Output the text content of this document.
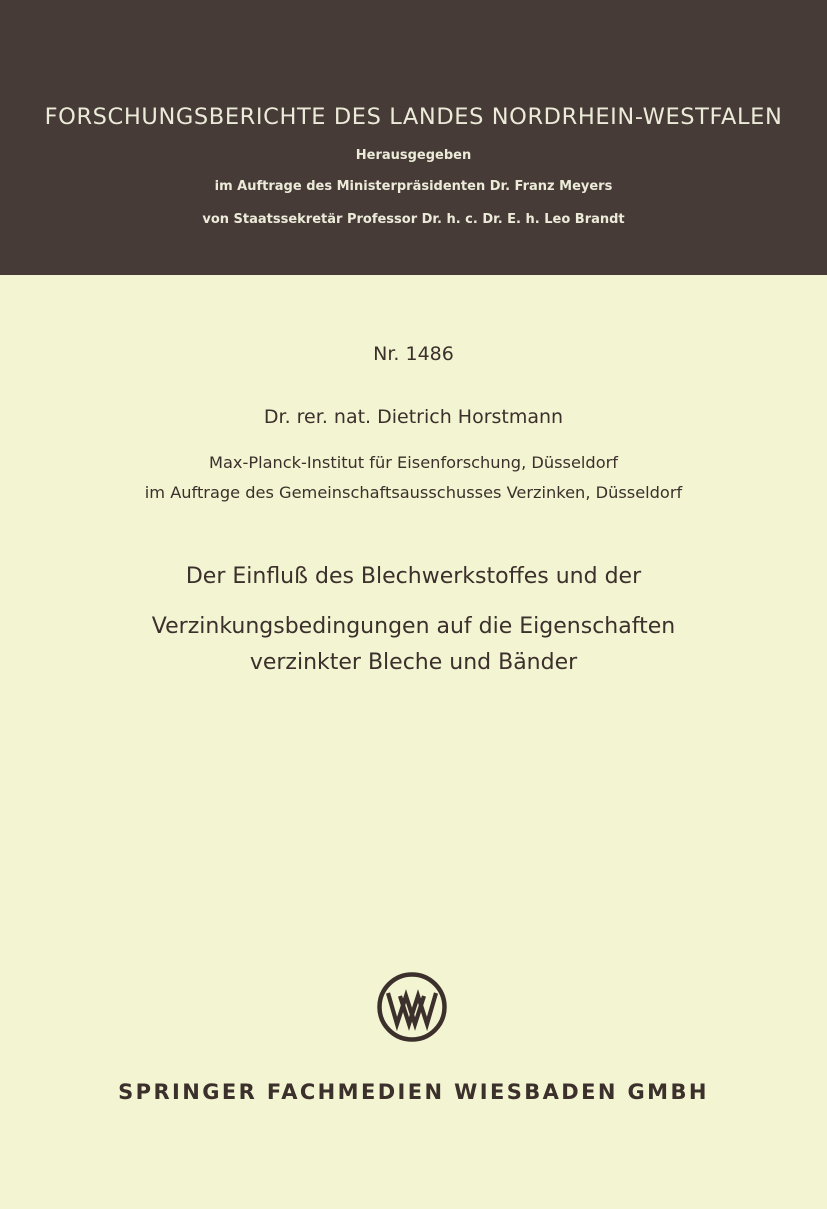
FORSCHUNGSBERICHTE DES LANDES NORDRHEIN-WESTFALEN
Herausgegeben
im Auftrage des Ministerpräsidenten Dr. Franz Meyers
von Staatssekretär Professor Dr. h. c. Dr. E. h. Leo Brandt
Nr. 1486
Dr. rer. nat. Dietrich Horstmann
Max-Planck-Institut für Eisenforschung, Düsseldorf
im Auftrage des Gemeinschaftsausschusses Verzinken, Düsseldorf
Der Einfluß des Blechwerkstoffes und der
Verzinkungsbedingungen auf die Eigenschaften
verzinkter Bleche und Bänder
SPRINGER FACHMEDIEN WIESBADEN GMBH
